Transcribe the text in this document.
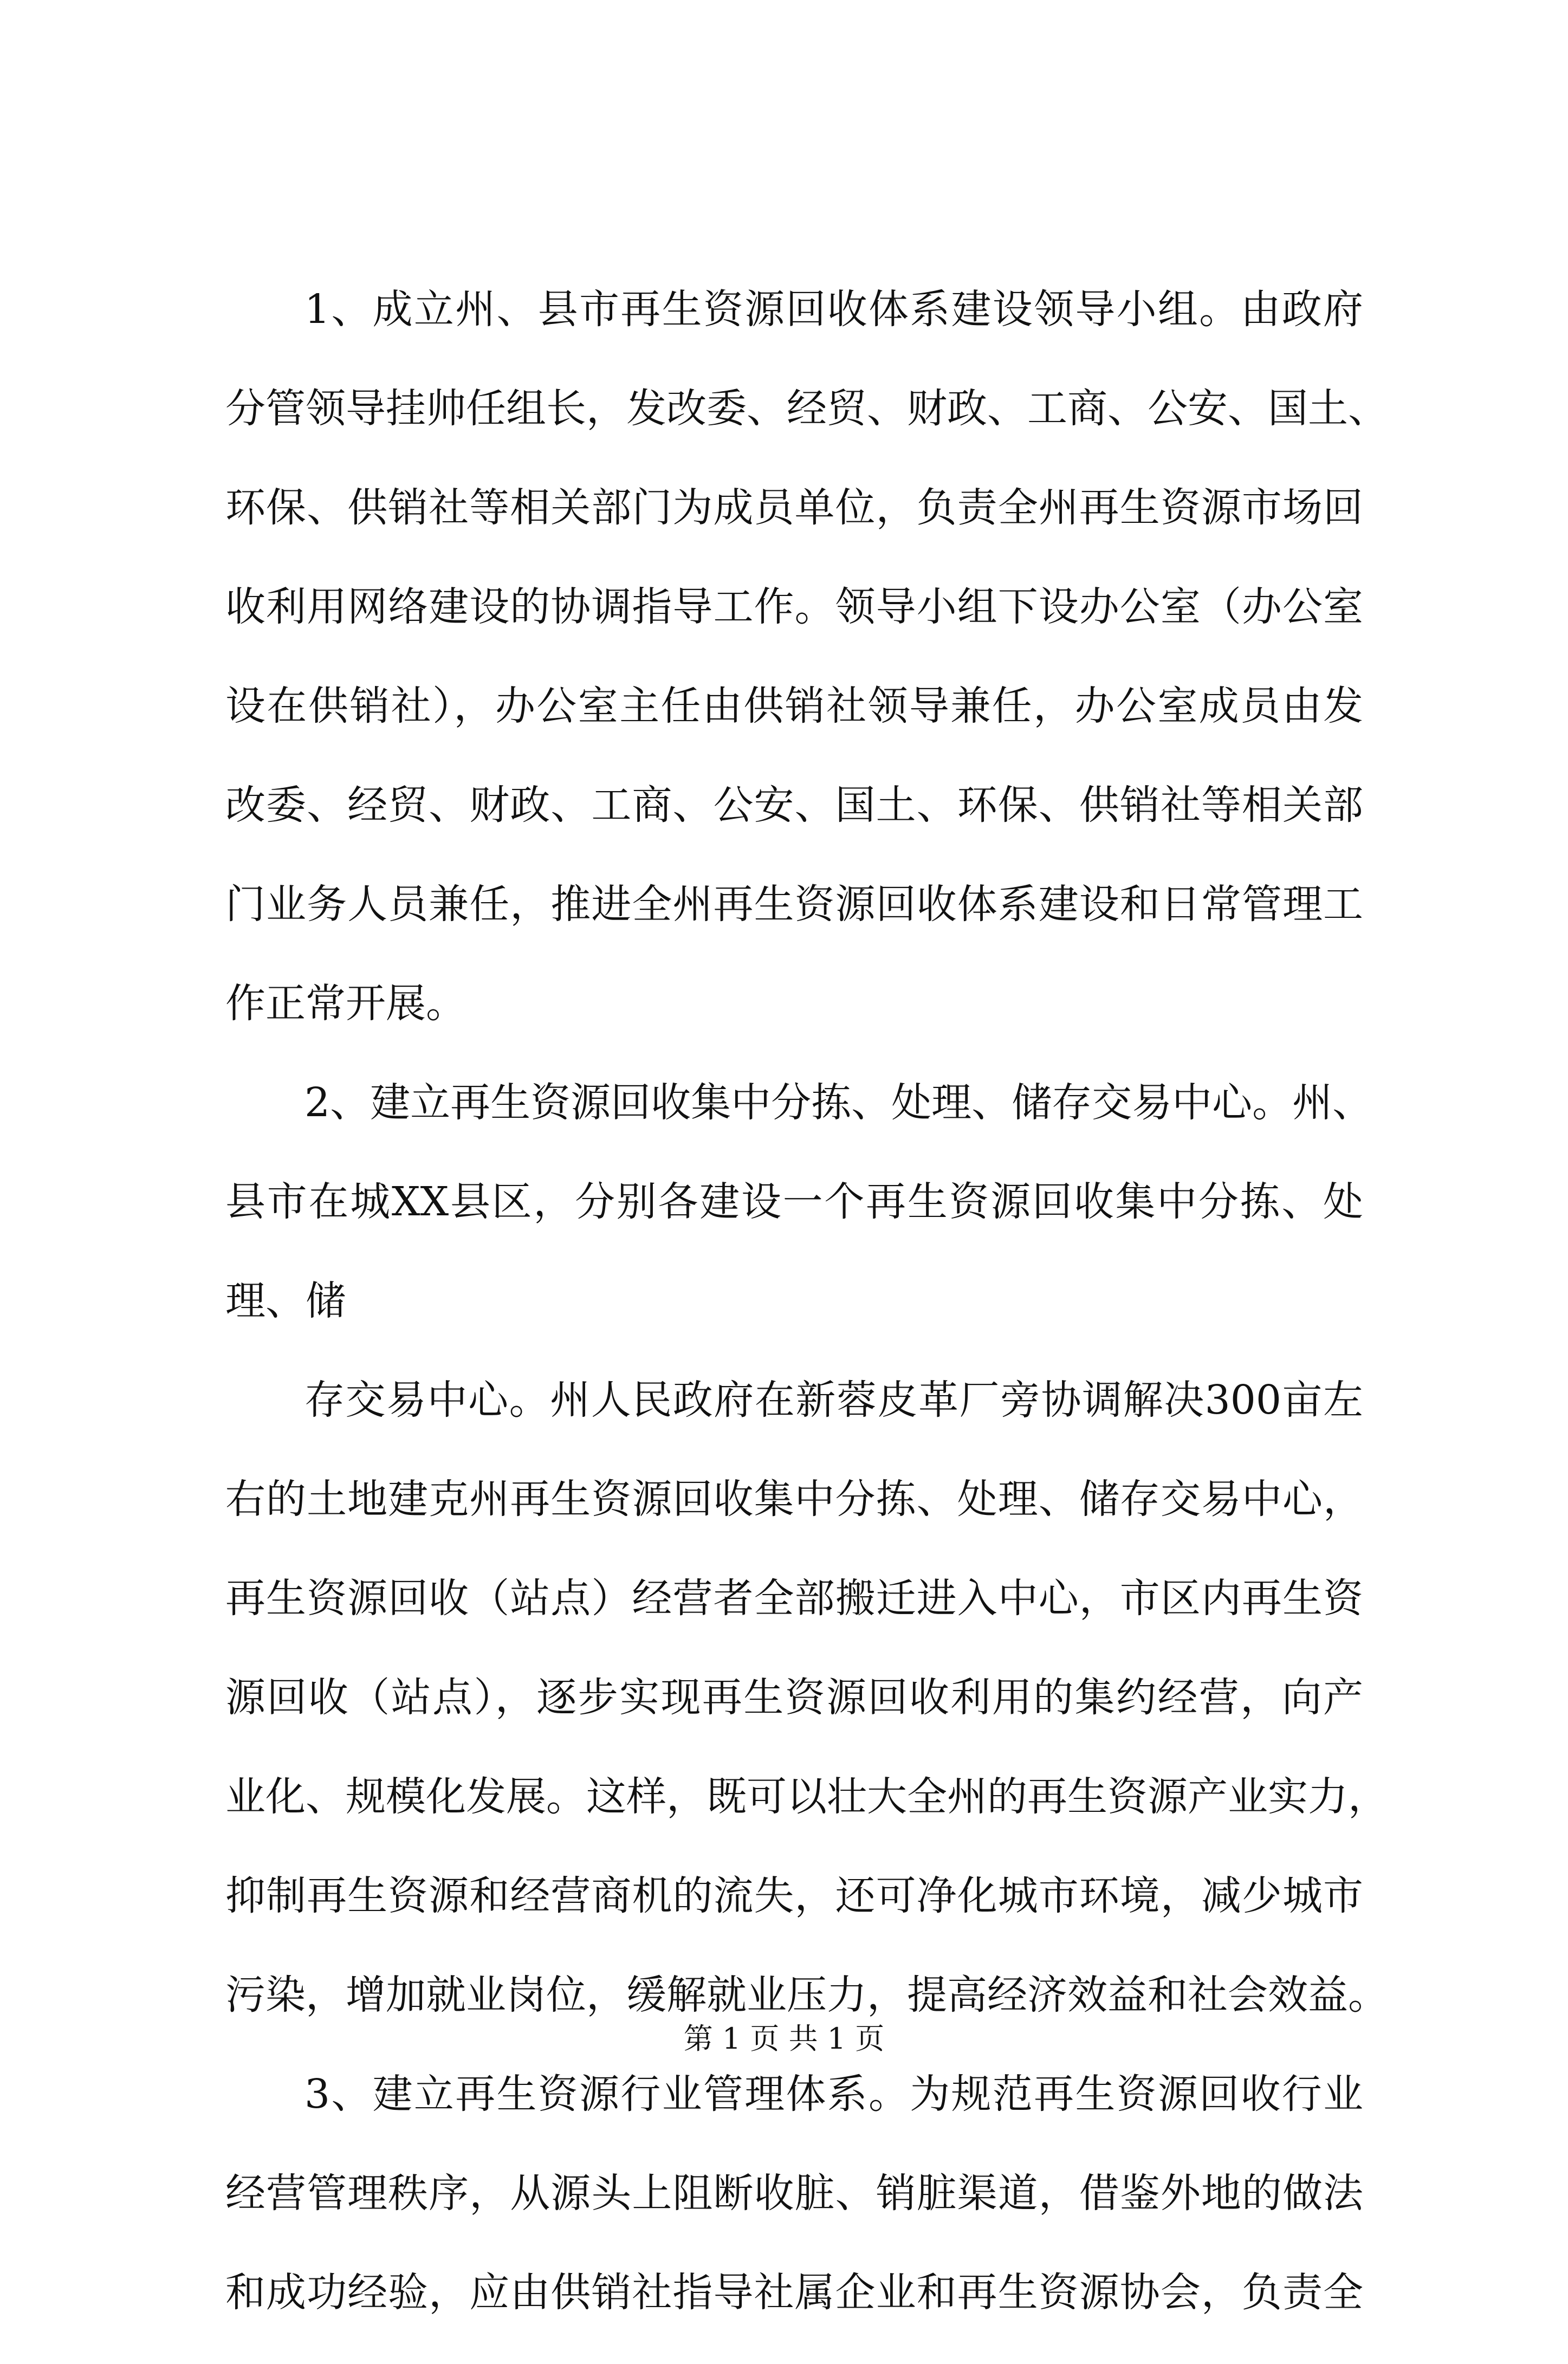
1、成立州、县市再生资源回收体系建设领导小组。由政府
分管领导挂帅任组长，发改委、经贸、财政、工商、公安、国土、
环保、供销社等相关部门为成员单位，负责全州再生资源市场回
收利用网络建设的协调指导工作。领导小组下设办公室（办公室
设在供销社），办公室主任由供销社领导兼任，办公室成员由发
改委、经贸、财政、工商、公安、国土、环保、供销社等相关部
门业务人员兼任，推进全州再生资源回收体系建设和日常管理工
作正常开展。
2、建立再生资源回收集中分拣、处理、储存交易中心。州、
县市在城XX县区，分别各建设一个再生资源回收集中分拣、处
理、储
存交易中心。州人民政府在新蓉皮革厂旁协调解决300亩左
右的土地建克州再生资源回收集中分拣、处理、储存交易中心，
再生资源回收（站点）经营者全部搬迁进入中心，市区内再生资
源回收（站点），逐步实现再生资源回收利用的集约经营，向产
业化、规模化发展。这样，既可以壮大全州的再生资源产业实力，
抑制再生资源和经营商机的流失，还可净化城市环境，减少城市
污染，增加就业岗位，缓解就业压力，提高经济效益和社会效益。
3、建立再生资源行业管理体系。为规范再生资源回收行业
经营管理秩序，从源头上阻断收脏、销脏渠道，借鉴外地的做法
和成功经验，应由供销社指导社属企业和再生资源协会，负责全
第 1 页 共 1 页
